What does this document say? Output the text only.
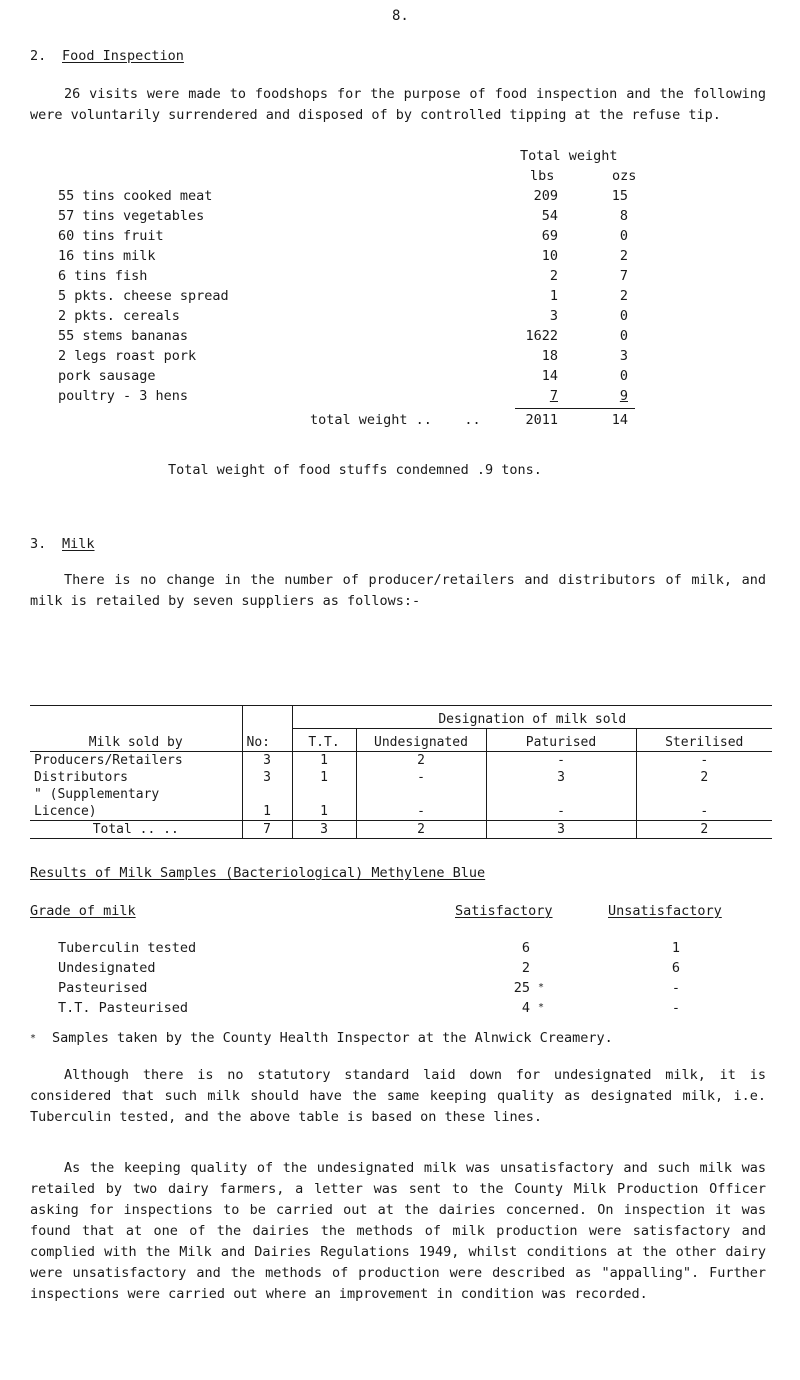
8.
2. Food Inspection
26 visits were made to foodshops for the purpose of food inspection and the following were voluntarily surrendered and disposed of by controlled tipping at the refuse tip.
Total weight
lbs	ozs
55 tins cooked meat	209	15
57 tins vegetables	54	8
60 tins fruit	69	0
16 tins milk	10	2
6 tins fish	2	7
5 pkts. cheese spread	1	2
2 pkts. cereals	3	0
55 stems bananas	1622	0
2 legs roast pork	18	3
pork sausage	14	0
poultry - 3 hens	7	9
total weight ..    ..	2011	14
Total weight of food stuffs condemned .9 tons.
3. Milk
There is no change in the number of producer/retailers and distributors of milk, and milk is retailed by seven suppliers as follows:-
Milk sold by	No:	Designation of milk sold			
		T.T.	Undesignated	Paturised	Sterilised
Producers/Retailers	3	1	2	-	-
Distributors	3	1	-	3	2
" (Supplementary					
Licence)	1	1	-	-	-
Total .. ..	7	3	2	3	2
Results of Milk Samples (Bacteriological) Methylene Blue
Grade of milk	Satisfactory	Unsatisfactory
Tuberculin tested	6	1
Undesignated	2	6
Pasteurised	25 *	-
T.T. Pasteurised	4 *	-
* Samples taken by the County Health Inspector at the Alnwick Creamery.
Although there is no statutory standard laid down for undesignated milk, it is considered that such milk should have the same keeping quality as designated milk, i.e. Tuberculin tested, and the above table is based on these lines.
As the keeping quality of the undesignated milk was unsatisfactory and such milk was retailed by two dairy farmers, a letter was sent to the County Milk Production Officer asking for inspections to be carried out at the dairies concerned. On inspection it was found that at one of the dairies the methods of milk production were satisfactory and complied with the Milk and Dairies Regulations 1949, whilst conditions at the other dairy were unsatisfactory and the methods of production were described as "appalling". Further inspections were carried out where an improvement in condition was recorded.
